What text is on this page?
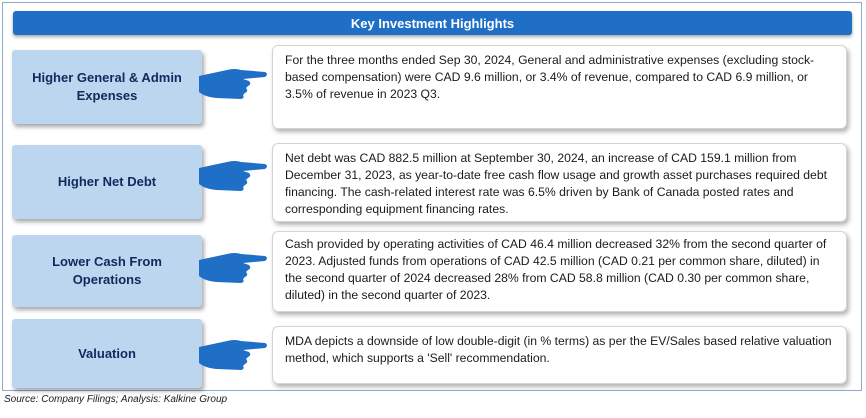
Key Investment Highlights
Higher General & Admin Expenses
For the three months ended Sep 30, 2024, General and administrative expenses (excluding stock-based compensation) were CAD 9.6 million, or 3.4% of revenue, compared to CAD 6.9 million, or 3.5% of revenue in 2023 Q3.
Higher Net Debt
Net debt was CAD 882.5 million at September 30, 2024, an increase of CAD 159.1 million from December 31, 2023, as year-to-date free cash flow usage and growth asset purchases required debt financing. The cash-related interest rate was 6.5% driven by Bank of Canada posted rates and corresponding equipment financing rates.
Lower Cash From Operations
Cash provided by operating activities of CAD 46.4 million decreased 32% from the second quarter of 2023. Adjusted funds from operations of CAD 42.5 million (CAD 0.21 per common share, diluted) in the second quarter of 2024 decreased 28% from CAD 58.8 million (CAD 0.30 per common share, diluted) in the second quarter of 2023.
Valuation
MDA depicts a downside of low double-digit (in % terms) as per the EV/Sales based relative valuation method, which supports a 'Sell' recommendation.
Source: Company Filings; Analysis: Kalkine Group
